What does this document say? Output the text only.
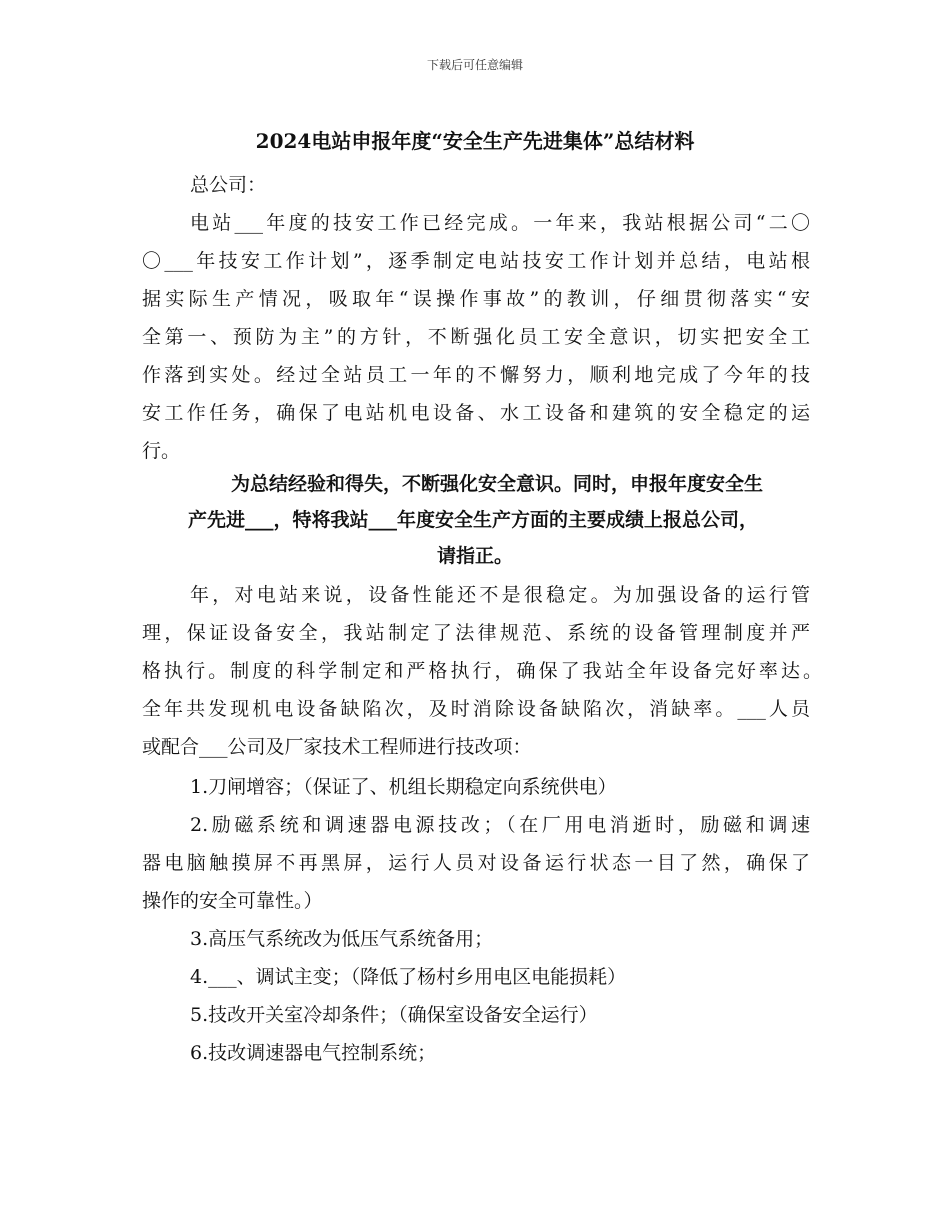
下载后可任意编辑
2024电站申报年度“安全生产先进集体”总结材料
总公司：
电站___年度的技安工作已经完成。一年来，我站根据公司“二〇
〇___年技安工作计划”，逐季制定电站技安工作计划并总结，电站根
据实际生产情况，吸取年“误操作事故”的教训，仔细贯彻落实“安
全第一、预防为主”的方针，不断强化员工安全意识，切实把安全工
作落到实处。经过全站员工一年的不懈努力，顺利地完成了今年的技
安工作任务，确保了电站机电设备、水工设备和建筑的安全稳定的运
行。
为总结经验和得失，不断强化安全意识。同时，申报年度安全生
产先进___，特将我站___年度安全生产方面的主要成绩上报总公司，
请指正。
年，对电站来说，设备性能还不是很稳定。为加强设备的运行管
理，保证设备安全，我站制定了法律规范、系统的设备管理制度并严
格执行。制度的科学制定和严格执行，确保了我站全年设备完好率达。
全年共发现机电设备缺陷次，及时消除设备缺陷次，消缺率。___人员
或配合___公司及厂家技术工程师进行技改项：
1.刀闸增容；（保证了、机组长期稳定向系统供电）
2.励磁系统和调速器电源技改；（在厂用电消逝时，励磁和调速
器电脑触摸屏不再黑屏，运行人员对设备运行状态一目了然，确保了
操作的安全可靠性。）
3.高压气系统改为低压气系统备用；
4.___、调试主变；（降低了杨村乡用电区电能损耗）
5.技改开关室冷却条件；（确保室设备安全运行）
6.技改调速器电气控制系统；
